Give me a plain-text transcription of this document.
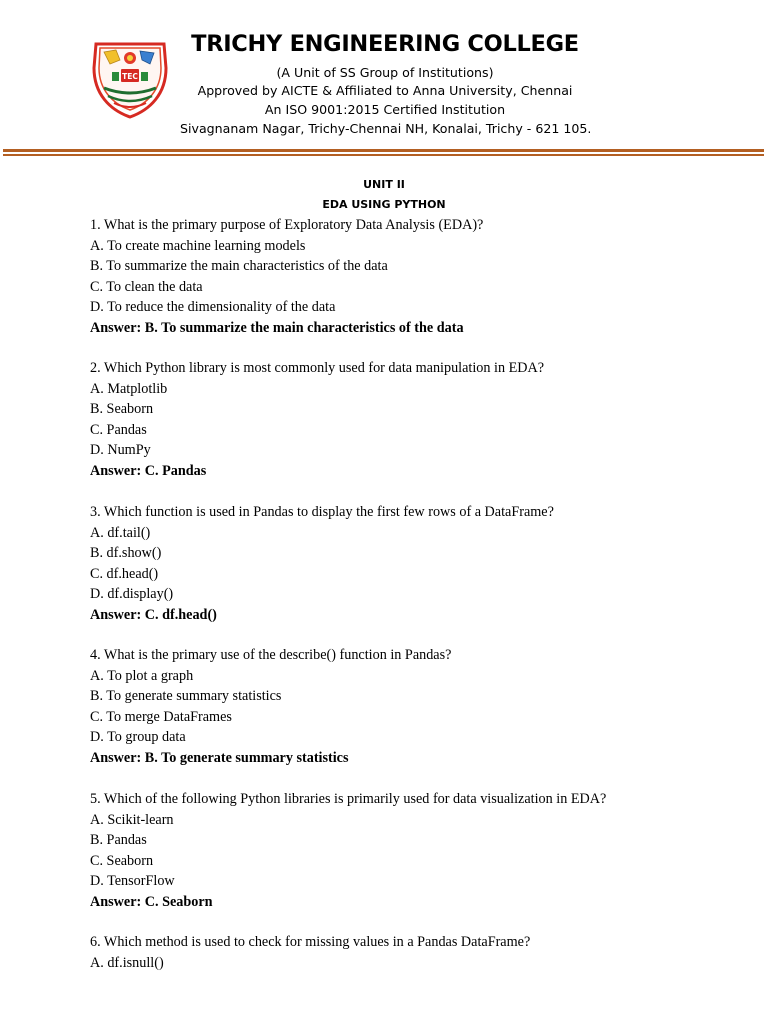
TEC
TRICHY ENGINEERING COLLEGE
(A Unit of SS Group of Institutions)
Approved by AICTE & Affiliated to Anna University, Chennai
An ISO 9001:2015 Certified Institution
Sivagnanam Nagar, Trichy-Chennai NH, Konalai, Trichy - 621 105.
UNIT II
EDA USING PYTHON
1. What is the primary purpose of Exploratory Data Analysis (EDA)?
A. To create machine learning models
B. To summarize the main characteristics of the data
C. To clean the data
D. To reduce the dimensionality of the data
Answer: B. To summarize the main characteristics of the data
2. Which Python library is most commonly used for data manipulation in EDA?
A. Matplotlib
B. Seaborn
C. Pandas
D. NumPy
Answer: C. Pandas
3. Which function is used in Pandas to display the first few rows of a DataFrame?
A. df.tail()
B. df.show()
C. df.head()
D. df.display()
Answer: C. df.head()
4. What is the primary use of the describe() function in Pandas?
A. To plot a graph
B. To generate summary statistics
C. To merge DataFrames
D. To group data
Answer: B. To generate summary statistics
5. Which of the following Python libraries is primarily used for data visualization in EDA?
A. Scikit-learn
B. Pandas
C. Seaborn
D. TensorFlow
Answer: C. Seaborn
6. Which method is used to check for missing values in a Pandas DataFrame?
A. df.isnull()
